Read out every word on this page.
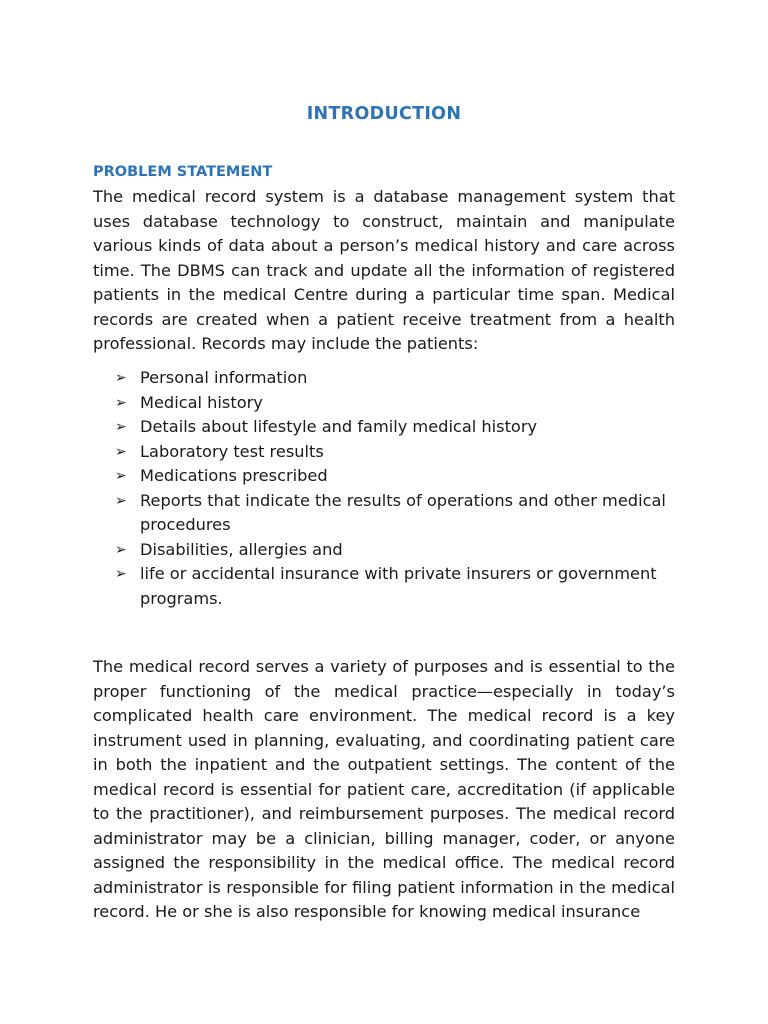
INTRODUCTION
PROBLEM STATEMENT

The medical record system is a database management system that uses database technology to construct, maintain and manipulate various kinds of data about a person’s medical history and care across time. The DBMS can track and update all the information of registered patients in the medical Centre during a particular time span. Medical records are created when a patient receive treatment from a health professional. Records may include the patients:

➢ Personal information
➢ Medical history
➢ Details about lifestyle and family medical history
➢ Laboratory test results
➢ Medications prescribed
➢ Reports that indicate the results of operations and other medical procedures
➢ Disabilities, allergies and
➢ life or accidental insurance with private insurers or government programs.

The medical record serves a variety of purposes and is essential to the proper functioning of the medical practice—especially in today’s complicated health care environment. The medical record is a key instrument used in planning, evaluating, and coordinating patient care in both the inpatient and the outpatient settings. The content of the medical record is essential for patient care, accreditation (if applicable to the practitioner), and reimbursement purposes. The medical record administrator may be a clinician, billing manager, coder, or anyone assigned the responsibility in the medical office. The medical record administrator is responsible for filing patient information in the medical record. He or she is also responsible for knowing medical insurance
